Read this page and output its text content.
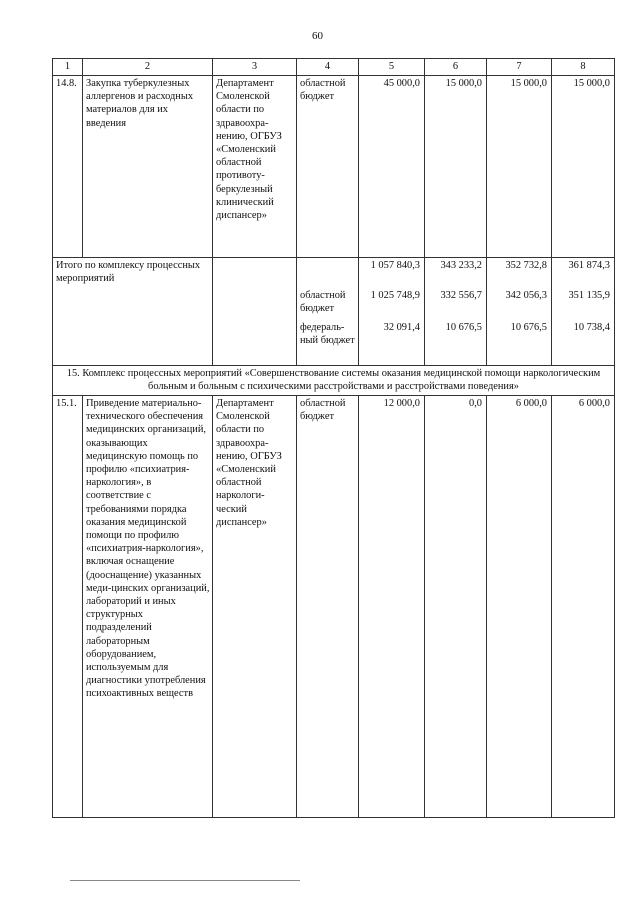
60
1	2	3	4	5	6	7	8
14.8.	Закупка туберкулезных аллергенов и расходных материалов для их введения	Департамент Смоленской области по здравоохра-нению, ОГБУЗ «Смоленский областной противоту-беркулезный клинический диспансер»	областной бюджет	45 000,0	15 000,0	15 000,0	15 000,0
Итого по комплексу процессных мероприятий				1 057 840,3	343 233,2	352 732,8	361 874,3
			областной бюджет	1 025 748,9	332 556,7	342 056,3	351 135,9
			федераль-ный бюджет	32 091,4	10 676,5	10 676,5	10 738,4
15. Комплекс процессных мероприятий «Совершенствование системы оказания медицинской помощи наркологическим больным и больным с психическими расстройствами и расстройствами поведения»							
15.1.	Приведение материально-технического обеспечения медицинских организаций, оказывающих медицинскую помощь по профилю «психиатрия-наркология», в соответствие с требованиями порядка оказания медицинской помощи по профилю «психиатрия-наркология», включая оснащение (дооснащение) указанных меди-цинских организаций, лабораторий и иных структурных подразделений лабораторным оборудованием, используемым для диагностики употребления психоактивных веществ	Департамент Смоленской области по здравоохра-нению, ОГБУЗ «Смоленский областной наркологи-ческий диспансер»	областной бюджет	12 000,0	0,0	6 000,0	6 000,0
